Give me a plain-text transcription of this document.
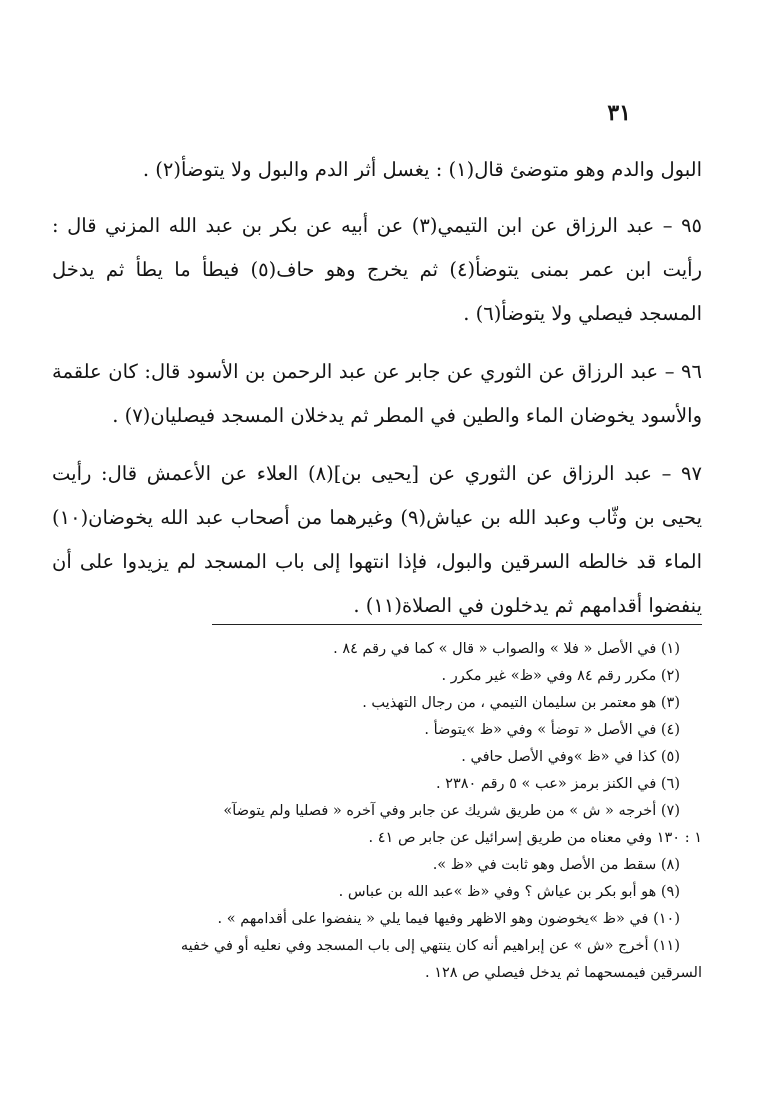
٣١

البول والدم وهو متوضئ قال(١) : يغسل أثر الدم والبول ولا يتوضأ(٢) .

٩٥ – عبد الرزاق عن ابن التيمي(٣) عن أبيه عن بكر بن عبد الله المزني قال : رأيت ابن عمر بمنى يتوضأ(٤) ثم يخرج وهو حاف(٥) فيطأ ما يطأ ثم يدخل المسجد فيصلي ولا يتوضأ(٦) .

٩٦ – عبد الرزاق عن الثوري عن جابر عن عبد الرحمن بن الأسود قال: كان علقمة والأسود يخوضان الماء والطين في المطر ثم يدخلان المسجد فيصليان(٧) .

٩٧ – عبد الرزاق عن الثوري عن [يحيى بن](٨) العلاء عن الأعمش قال: رأيت يحيى بن وثّاب وعبد الله بن عياش(٩) وغيرهما من أصحاب عبد الله يخوضان(١٠) الماء قد خالطه السرقين والبول، فإذا انتهوا إلى باب المسجد لم يزيدوا على أن ينفضوا أقدامهم ثم يدخلون في الصلاة(١١) .

(١) في الأصل « فلا » والصواب « قال » كما في رقم ٨٤ .

(٢) مكرر رقم ٨٤ وفي «ظ» غير مكرر .

(٣) هو معتمر بن سليمان التيمي ، من رجال التهذيب .

(٤) في الأصل « توضأ » وفي «ظ »يتوضأ .

(٥) كذا في «ظ »وفي الأصل حافي .

(٦) في الكنز برمز «عب » ٥ رقم ٢٣٨٠ .

(٧) أخرجه « ش » من طريق شريك عن جابر وفي آخره « فصليا ولم يتوضآ»

١ : ١٣٠ وفي معناه من طريق إسرائيل عن جابر ص ٤١ .

(٨) سقط من الأصل وهو ثابت في «ظ ».

(٩) هو أبو بكر بن عياش ؟ وفي «ظ »عبد الله بن عباس .

(١٠) في «ظ »يخوضون وهو الاظهر وفيها فيما يلي « ينفضوا على أقدامهم » .

(١١) أخرج «ش » عن إبراهيم أنه كان ينتهي إلى باب المسجد وفي نعليه أو في خفيه

السرقين فيمسحهما ثم يدخل فيصلي ص ١٢٨ .
